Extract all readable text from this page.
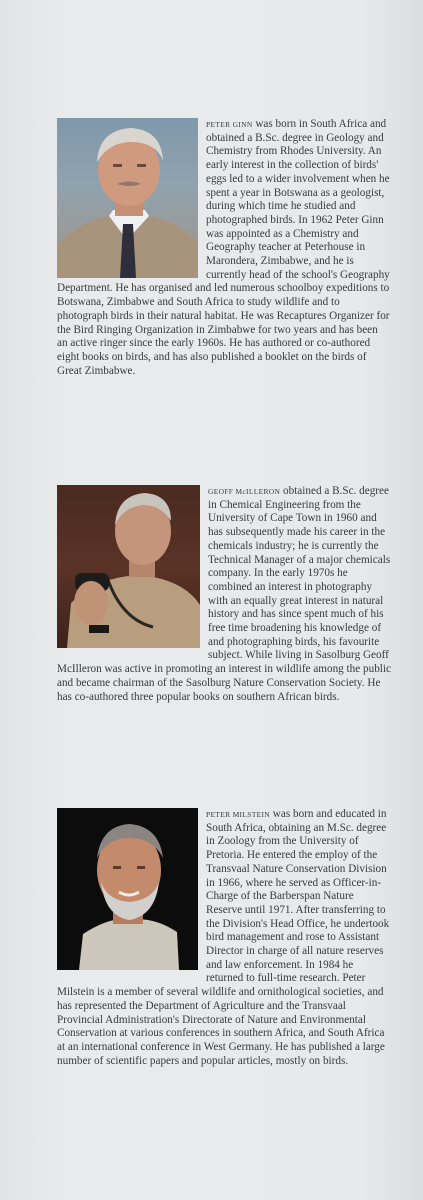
PETER GINN was born in South Africa and obtained a B.Sc. degree in Geology and Chemistry from Rhodes University. An early interest in the collection of birds' eggs led to a wider involvement when he spent a year in Botswana as a geologist, during which time he studied and photographed birds. In 1962 Peter Ginn was appointed as a Chemistry and Geography teacher at Peterhouse in Marondera, Zimbabwe, and he is currently head of the school's Geography Department. He has organised and led numerous schoolboy expeditions to Botswana, Zimbabwe and South Africa to study wildlife and to photograph birds in their natural habitat. He was Recaptures Organizer for the Bird Ringing Organization in Zimbabwe for two years and has been an active ringer since the early 1960s. He has authored or co-authored eight books on birds, and has also published a booklet on the birds of Great Zimbabwe.

GEOFF McILLERON obtained a B.Sc. degree in Chemical Engineering from the University of Cape Town in 1960 and has subsequently made his career in the chemicals industry; he is currently the Technical Manager of a major chemicals company. In the early 1970s he combined an interest in photography with an equally great interest in natural history and has since spent much of his free time broadening his knowledge of and photographing birds, his favourite subject. While living in Sasolburg Geoff McIlleron was active in promoting an interest in wildlife among the public and became chairman of the Sasolburg Nature Conservation Society. He has co-authored three popular books on southern African birds.

PETER MILSTEIN was born and educated in South Africa, obtaining an M.Sc. degree in Zoology from the University of Pretoria. He entered the employ of the Transvaal Nature Conservation Division in 1966, where he served as Officer-in-Charge of the Barberspan Nature Reserve until 1971. After transferring to the Division's Head Office, he undertook bird management and rose to Assistant Director in charge of all nature reserves and law enforcement. In 1984 he returned to full-time research. Peter Milstein is a member of several wildlife and ornithological societies, and has represented the Department of Agriculture and the Transvaal Provincial Administration's Directorate of Nature and Environmental Conservation at various conferences in southern Africa, and South Africa at an international conference in West Germany. He has published a large number of scientific papers and popular articles, mostly on birds.
